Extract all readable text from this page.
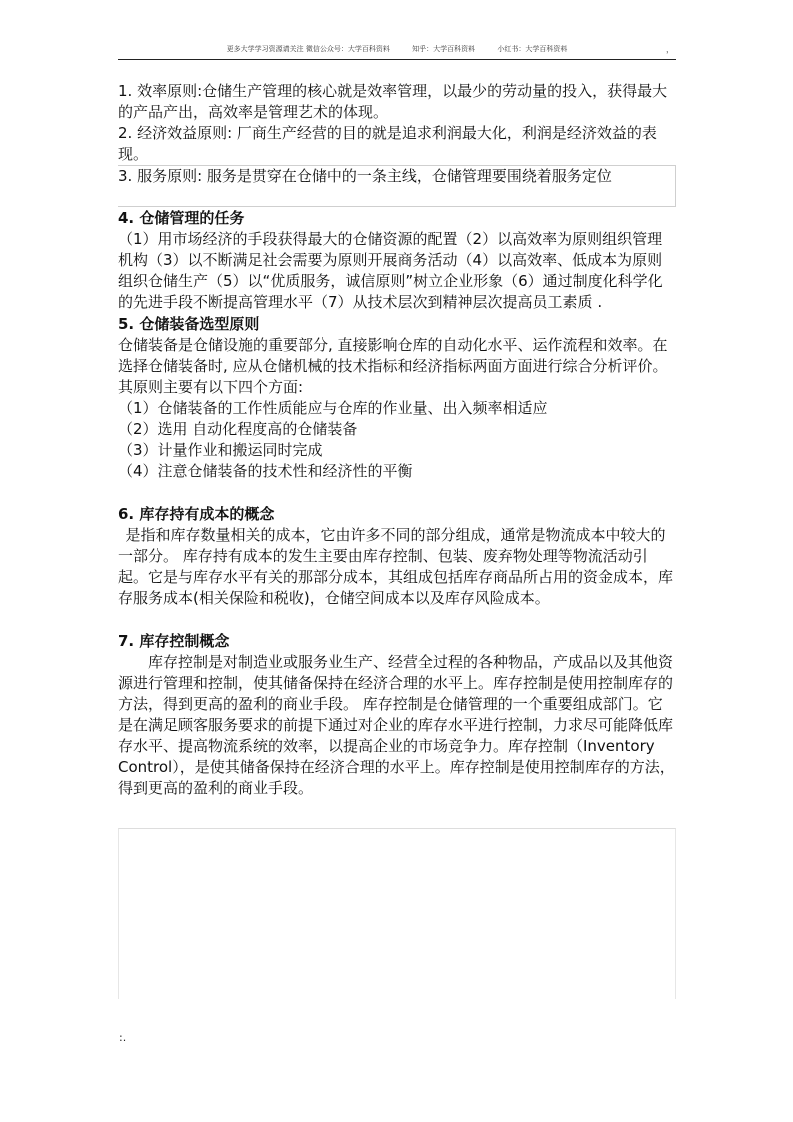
更多大学学习资源请关注 微信公众号：大学百科资料	知乎：大学百科资料	小红书：大学百科资料	，

1. 效率原则:仓储生产管理的核心就是效率管理，以最少的劳动量的投入，获得最大的产品产出，高效率是管理艺术的体现。

2. 经济效益原则: 厂商生产经营的目的就是追求利润最大化，利润是经济效益的表现。

3. 服务原则: 服务是贯穿在仓储中的一条主线，仓储管理要围绕着服务定位

4. 仓储管理的任务

（1）用市场经济的手段获得最大的仓储资源的配置（2）以高效率为原则组织管理机构（3）以不断满足社会需要为原则开展商务活动（4）以高效率、低成本为原则组织仓储生产（5）以“优质服务，诚信原则”树立企业形象（6）通过制度化科学化的先进手段不断提高管理水平（7）从技术层次到精神层次提高员工素质 .

5. 仓储装备选型原则

仓储装备是仓储设施的重要部分, 直接影响仓库的自动化水平、运作流程和效率。在选择仓储装备时, 应从仓储机械的技术指标和经济指标两面方面进行综合分析评价。其原则主要有以下四个方面:

（1）仓储装备的工作性质能应与仓库的作业量、出入频率相适应

（2）选用 自动化程度高的仓储装备

（3）计量作业和搬运同时完成

（4）注意仓储装备的技术性和经济性的平衡

6. 库存持有成本的概念

是指和库存数量相关的成本，它由许多不同的部分组成，通常是物流成本中较大的一部分。 库存持有成本的发生主要由库存控制、包装、废弃物处理等物流活动引起。它是与库存水平有关的那部分成本，其组成包括库存商品所占用的资金成本，库存服务成本(相关保险和税收)，仓储空间成本以及库存风险成本。

7. 库存控制概念

库存控制是对制造业或服务业生产、经营全过程的各种物品，产成品以及其他资源进行管理和控制，使其储备保持在经济合理的水平上。库存控制是使用控制库存的方法，得到更高的盈利的商业手段。 库存控制是仓储管理的一个重要组成部门。它是在满足顾客服务要求的前提下通过对企业的库存水平进行控制，力求尽可能降低库存水平、提高物流系统的效率，以提高企业的市场竞争力。库存控制（Inventory Control），是使其储备保持在经济合理的水平上。库存控制是使用控制库存的方法，得到更高的盈利的商业手段。

:.
